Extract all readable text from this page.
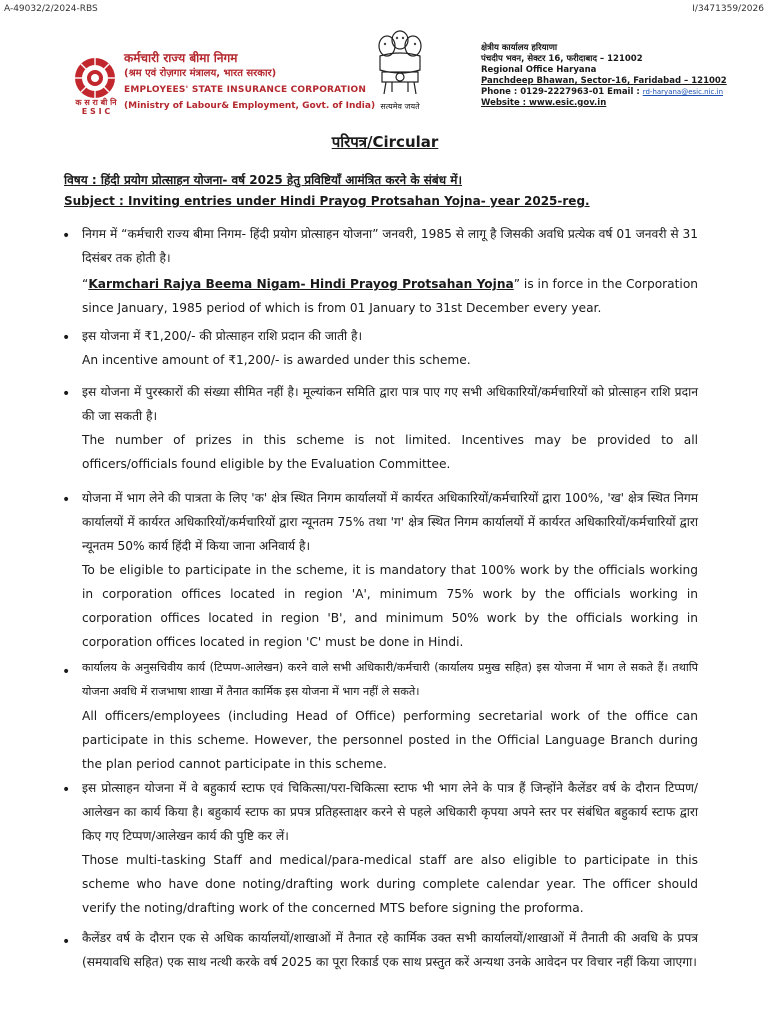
A-49032/2/2024-RBS	I/3471359/2026
क स रा बी नि
E S I C
कर्मचारी राज्य बीमा निगम
(श्रम एवं रोज़गार मंत्रालय, भारत सरकार)
EMPLOYEES' STATE INSURANCE CORPORATION
(Ministry of Labour& Employment, Govt. of India) सत्यमेव जयते
क्षेत्रीय कार्यालय हरियाणा
पंचदीप भवन, सेक्टर 16, फरीदाबाद – 121002
Regional Office Haryana
Panchdeep Bhawan, Sector-16, Faridabad – 121002
Phone : 0129-2227963-01 Email : rd-haryana@esic.nic.in
Website : www.esic.gov.in
परिपत्र/Circular
विषय : हिंदी प्रयोग प्रोत्साहन योजना- वर्ष 2025 हेतु प्रविष्टियाँ आमंत्रित करने के संबंध में।
Subject : Inviting entries under Hindi Prayog Protsahan Yojna- year 2025-reg.
• निगम में “कर्मचारी राज्य बीमा निगम- हिंदी प्रयोग प्रोत्साहन योजना” जनवरी, 1985 से लागू है जिसकी अवधि प्रत्येक वर्ष 01 जनवरी से 31 दिसंबर तक होती है।
“Karmchari Rajya Beema Nigam- Hindi Prayog Protsahan Yojna” is in force in the Corporation since January, 1985 period of which is from 01 January to 31st December every year.
• इस योजना में ₹1,200/- की प्रोत्साहन राशि प्रदान की जाती है।
An incentive amount of ₹1,200/- is awarded under this scheme.
• इस योजना में पुरस्कारों की संख्या सीमित नहीं है। मूल्यांकन समिति द्वारा पात्र पाए गए सभी अधिकारियों/कर्मचारियों को प्रोत्साहन राशि प्रदान की जा सकती है।
The number of prizes in this scheme is not limited. Incentives may be provided to all officers/officials found eligible by the Evaluation Committee.
• योजना में भाग लेने की पात्रता के लिए 'क' क्षेत्र स्थित निगम कार्यालयों में कार्यरत अधिकारियों/कर्मचारियों द्वारा 100%, 'ख' क्षेत्र स्थित निगम कार्यालयों में कार्यरत अधिकारियों/कर्मचारियों द्वारा न्यूनतम 75% तथा 'ग' क्षेत्र स्थित निगम कार्यालयों में कार्यरत अधिकारियों/कर्मचारियों द्वारा न्यूनतम 50% कार्य हिंदी में किया जाना अनिवार्य है।
To be eligible to participate in the scheme, it is mandatory that 100% work by the officials working in corporation offices located in region 'A', minimum 75% work by the officials working in corporation offices located in region 'B', and minimum 50% work by the officials working in corporation offices located in region 'C' must be done in Hindi.
• कार्यालय के अनुसचिवीय कार्य (टिप्पण-आलेखन) करने वाले सभी अधिकारी/कर्मचारी (कार्यालय प्रमुख सहित) इस योजना में भाग ले सकते हैं। तथापि योजना अवधि में राजभाषा शाखा में तैनात कार्मिक इस योजना में भाग नहीं ले सकते।
All officers/employees (including Head of Office) performing secretarial work of the office can participate in this scheme. However, the personnel posted in the Official Language Branch during the plan period cannot participate in this scheme.
• इस प्रोत्साहन योजना में वे बहुकार्य स्टाफ एवं चिकित्सा/परा-चिकित्सा स्टाफ भी भाग लेने के पात्र हैं जिन्होंने कैलेंडर वर्ष के दौरान टिप्पण/आलेखन का कार्य किया है। बहुकार्य स्टाफ का प्रपत्र प्रतिहस्ताक्षर करने से पहले अधिकारी कृपया अपने स्तर पर संबंधित बहुकार्य स्टाफ द्वारा किए गए टिप्पण/आलेखन कार्य की पुष्टि कर लें।
Those multi-tasking Staff and medical/para-medical staff are also eligible to participate in this scheme who have done noting/drafting work during complete calendar year. The officer should verify the noting/drafting work of the concerned MTS before signing the proforma.
• कैलेंडर वर्ष के दौरान एक से अधिक कार्यालयों/शाखाओं में तैनात रहे कार्मिक उक्त सभी कार्यालयों/शाखाओं में तैनाती की अवधि के प्रपत्र (समयावधि सहित) एक साथ नत्थी करके वर्ष 2025 का पूरा रिकार्ड एक साथ प्रस्तुत करें अन्यथा उनके आवेदन पर विचार नहीं किया जाएगा।
